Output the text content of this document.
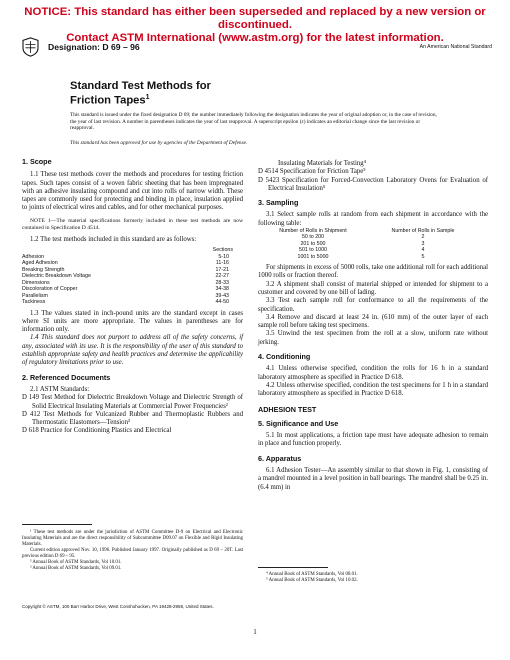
NOTICE: This standard has either been superseded and replaced by a new version or discontinued.
Contact ASTM International (www.astm.org) for the latest information.
Designation: D 69 – 96	An American National Standard
Standard Test Methods for
Friction Tapes$^1$
This standard is issued under the fixed designation D 69; the number immediately following the designation indicates the year of original adoption or, in the case of revision, the year of last revision. A number in parentheses indicates the year of last reapproval. A superscript epsilon (ε) indicates an editorial change since the last revision or reapproval.
This standard has been approved for use by agencies of the Department of Defense.

1. Scope

1.1 These test methods cover the methods and procedures for testing friction tapes. Such tapes consist of a woven fabric sheeting that has been impregnated with an adhesive insulating compound and cut into rolls of narrow width. These tapes are commonly used for protecting and binding in place, insulation applied to joints of electrical wires and cables, and for other mechanical purposes.

NOTE 1—The material specifications formerly included in these test methods are now contained in Specification D 4514.

1.2 The test methods included in this standard are as follows:

Sections
Adhesion	5-10
Aged Adhesion	11-16
Breaking Strength	17-21
Dielectric Breakdown Voltage	22-27
Dimensions	28-33
Discoloration of Copper	34-38
Parallelism	39-43
Tackiness	44-50

1.3 The values stated in inch-pound units are the standard except in cases where SI units are more appropriate. The values in parentheses are for information only.

1.4 This standard does not purport to address all of the safety concerns, if any, associated with its use. It is the responsibility of the user of this standard to establish appropriate safety and health practices and determine the applicability of regulatory limitations prior to use.

2. Referenced Documents

2.1 ASTM Standards:

D 149 Test Method for Dielectric Breakdown Voltage and Dielectric Strength of Solid Electrical Insulating Materials at Commercial Power Frequencies²

D 412 Test Methods for Vulcanized Rubber and Thermoplastic Rubbers and Thermostatic Elastomers—Tension³

D 618 Practice for Conditioning Plastics and Electrical

¹ These test methods are under the jurisdiction of ASTM Committee D-9 on Electrical and Electronic Insulating Materials and are the direct responsibility of Subcommittee D09.07 on Flexible and Rigid Insulating Materials.
Current edition approved Nov. 10, 1996. Published January 1997. Originally published as D 69 – 20T. Last previous edition D 69 – 95.
² Annual Book of ASTM Standards, Vol 10.01.
³ Annual Book of ASTM Standards, Vol 09.01.

Insulating Materials for Testing⁴

D 4514 Specification for Friction Tape⁵

D 5423 Specification for Forced-Convection Laboratory Ovens for Evaluation of Electrical Insulation⁵

3. Sampling

3.1 Select sample rolls at random from each shipment in accordance with the following table:

Number of Rolls in Shipment	Number of Rolls in Sample
50 to 200	2
201 to 500	3
501 to 1000	4
1001 to 5000	5

For shipments in excess of 5000 rolls, take one additional roll for each additional 1000 rolls or fraction thereof.

3.2 A shipment shall consist of material shipped or intended for shipment to a customer and covered by one bill of lading.

3.3 Test each sample roll for conformance to all the requirements of the specification.

3.4 Remove and discard at least 24 in. (610 mm) of the outer layer of each sample roll before taking test specimens.

3.5 Unwind the test specimen from the roll at a slow, uniform rate without jerking.

4. Conditioning

4.1 Unless otherwise specified, condition the rolls for 16 h in a standard laboratory atmosphere as specified in Practice D 618.

4.2 Unless otherwise specified, condition the test specimens for 1 h in a standard laboratory atmosphere as specified in Practice D 618.

ADHESION TEST

5. Significance and Use

5.1 In most applications, a friction tape must have adequate adhesion to remain in place and function properly.

6. Apparatus

6.1 Adhesion Tester—An assembly similar to that shown in Fig. 1, consisting of a mandrel mounted in a level position in ball bearings. The mandrel shall be 0.25 in. (6.4 mm) in

⁴ Annual Book of ASTM Standards, Vol 08.01.
⁵ Annual Book of ASTM Standards, Vol 10.02.
Copyright © ASTM, 100 Barr Harbor Drive, West Conshohocken, PA 19428-2959, United States.
1
